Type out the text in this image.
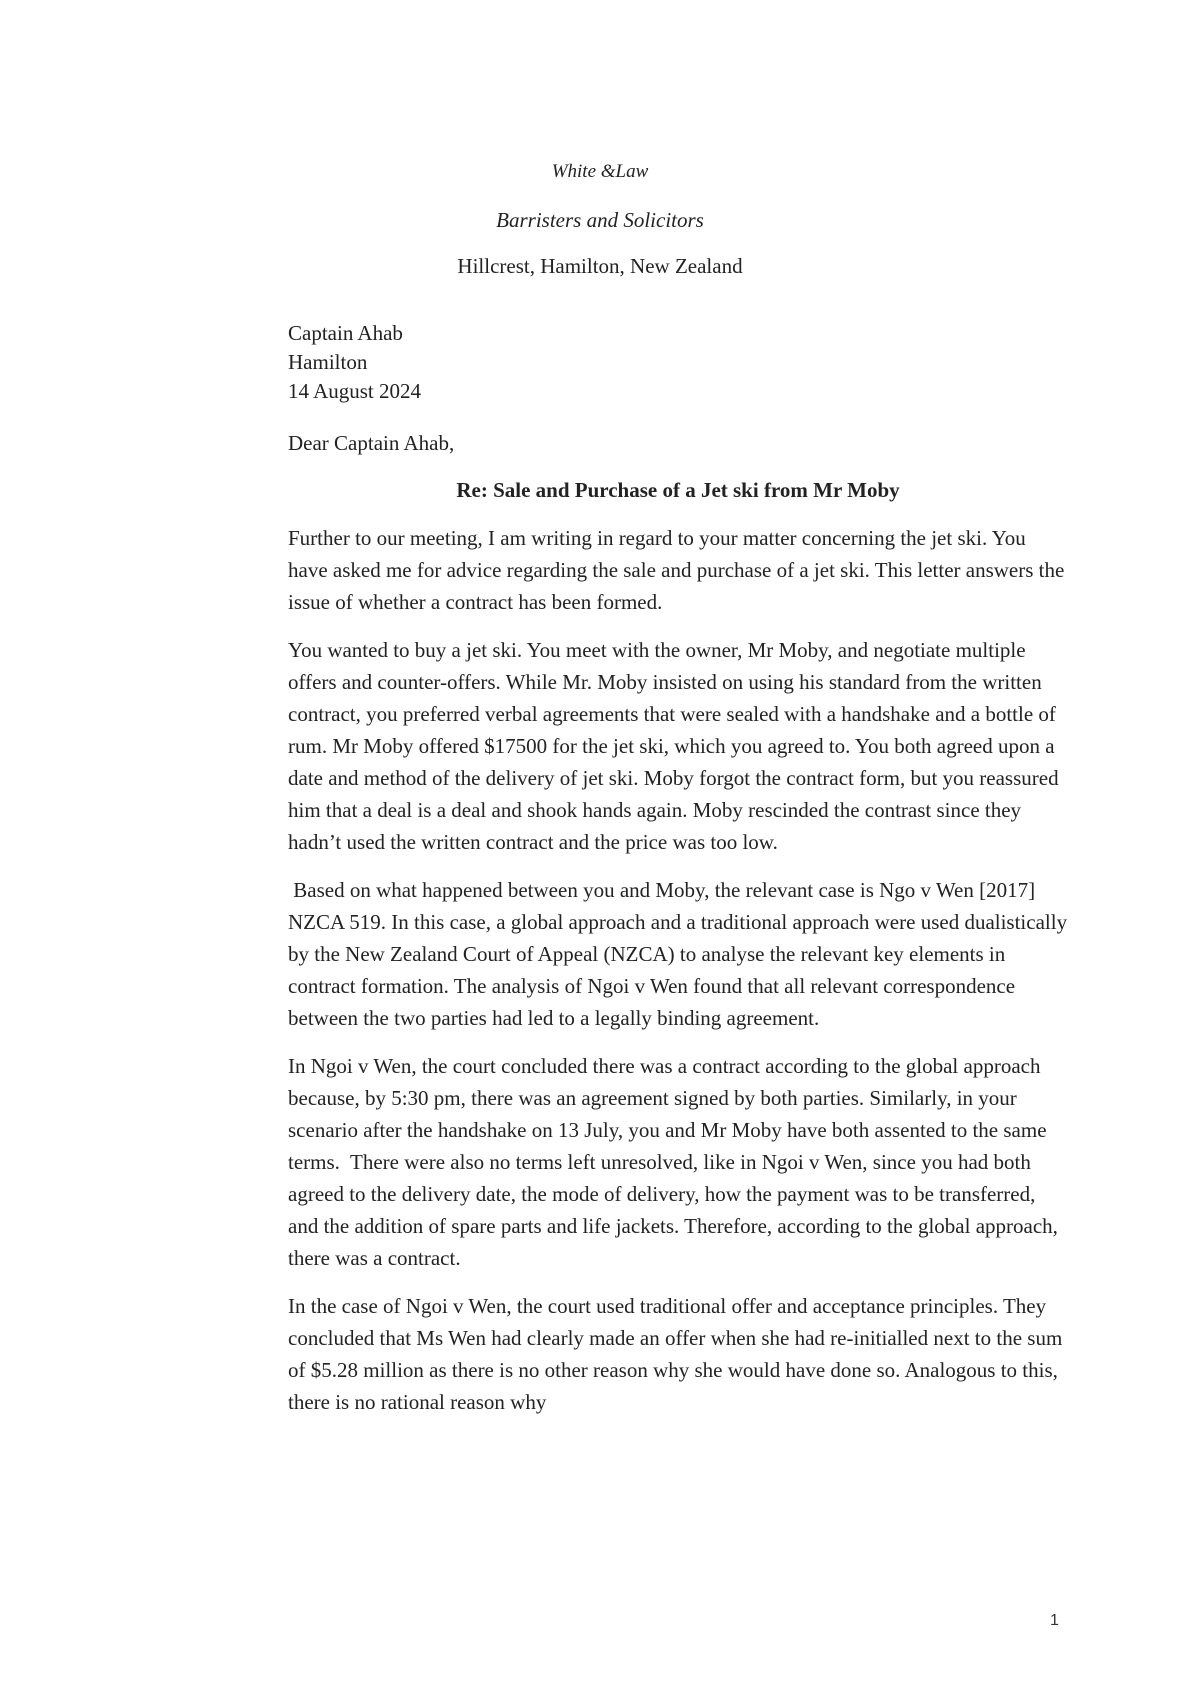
White &Law

Barristers and Solicitors

Hillcrest, Hamilton, New Zealand

Captain Ahab

Hamilton

14 August 2024

Dear Captain Ahab,

Re: Sale and Purchase of a Jet ski from Mr Moby

Further to our meeting, I am writing in regard to your matter concerning the jet ski. You have asked me for advice regarding the sale and purchase of a jet ski. This letter answers the issue of whether a contract has been formed.

You wanted to buy a jet ski. You meet with the owner, Mr Moby, and negotiate multiple offers and counter-offers. While Mr. Moby insisted on using his standard from the written contract, you preferred verbal agreements that were sealed with a handshake and a bottle of rum. Mr Moby offered $17500 for the jet ski, which you agreed to. You both agreed upon a date and method of the delivery of jet ski. Moby forgot the contract form, but you reassured him that a deal is a deal and shook hands again. Moby rescinded the contrast since they hadn’t used the written contract and the price was too low.

Based on what happened between you and Moby, the relevant case is Ngo v Wen [2017] NZCA 519. In this case, a global approach and a traditional approach were used dualistically by the New Zealand Court of Appeal (NZCA) to analyse the relevant key elements in contract formation. The analysis of Ngoi v Wen found that all relevant correspondence between the two parties had led to a legally binding agreement.

In Ngoi v Wen, the court concluded there was a contract according to the global approach because, by 5:30 pm, there was an agreement signed by both parties. Similarly, in your scenario after the handshake on 13 July, you and Mr Moby have both assented to the same terms.  There were also no terms left unresolved, like in Ngoi v Wen, since you had both agreed to the delivery date, the mode of delivery, how the payment was to be transferred, and the addition of spare parts and life jackets. Therefore, according to the global approach, there was a contract.

In the case of Ngoi v Wen, the court used traditional offer and acceptance principles. They concluded that Ms Wen had clearly made an offer when she had re-initialled next to the sum of $5.28 million as there is no other reason why she would have done so. Analogous to this, there is no rational reason why

1
